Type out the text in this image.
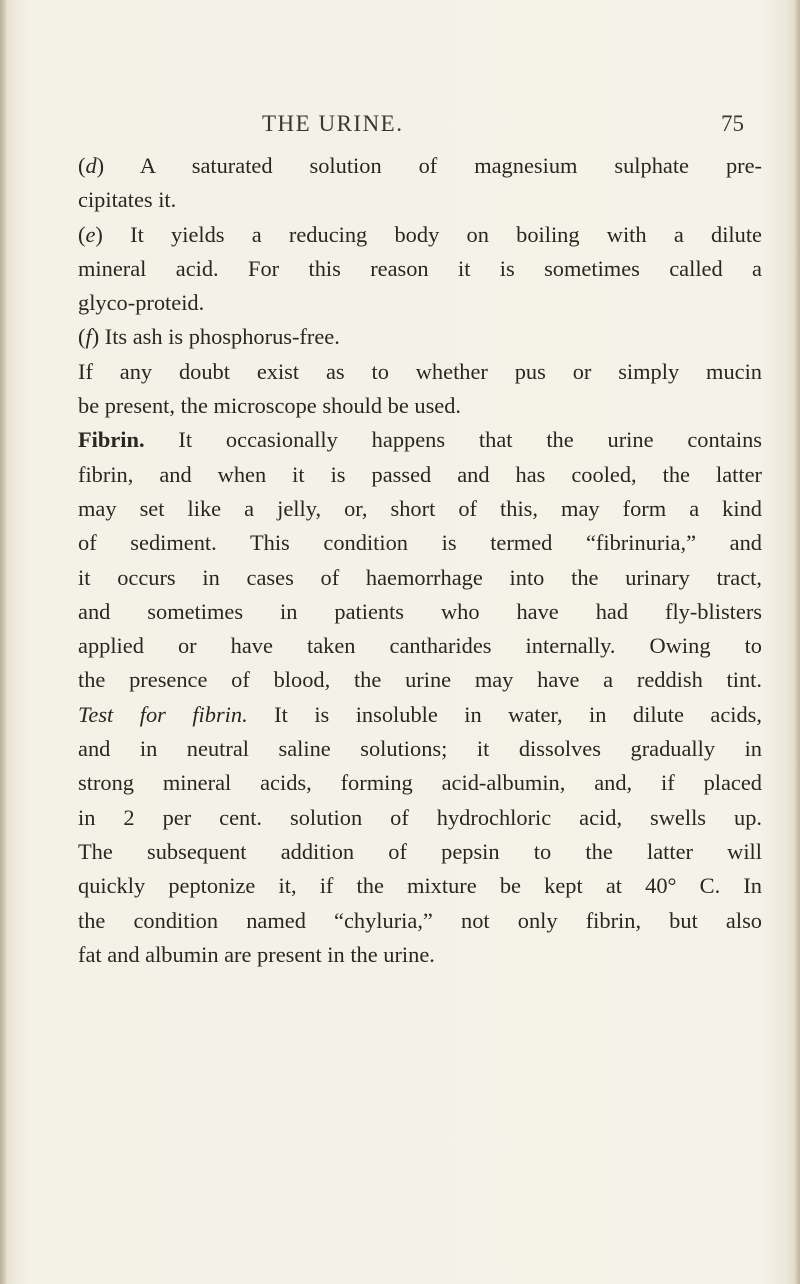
THE URINE.	75

(d) A saturated solution of magnesium sulphate pre-
cipitates it.

(e) It yields a reducing body on boiling with a dilute
mineral acid. For this reason it is sometimes called a
glyco-proteid.

(f) Its ash is phosphorus-free.

If any doubt exist as to whether pus or simply mucin
be present, the microscope should be used.

Fibrin. It occasionally happens that the urine contains
fibrin, and when it is passed and has cooled, the latter
may set like a jelly, or, short of this, may form a kind
of sediment. This condition is termed “fibrinuria,” and
it occurs in cases of haemorrhage into the urinary tract,
and sometimes in patients who have had fly-blisters
applied or have taken cantharides internally. Owing to
the presence of blood, the urine may have a reddish tint.
Test for fibrin. It is insoluble in water, in dilute acids,
and in neutral saline solutions; it dissolves gradually in
strong mineral acids, forming acid-albumin, and, if placed
in 2 per cent. solution of hydrochloric acid, swells up.
The subsequent addition of pepsin to the latter will
quickly peptonize it, if the mixture be kept at 40° C. In
the condition named “chyluria,” not only fibrin, but also
fat and albumin are present in the urine.
